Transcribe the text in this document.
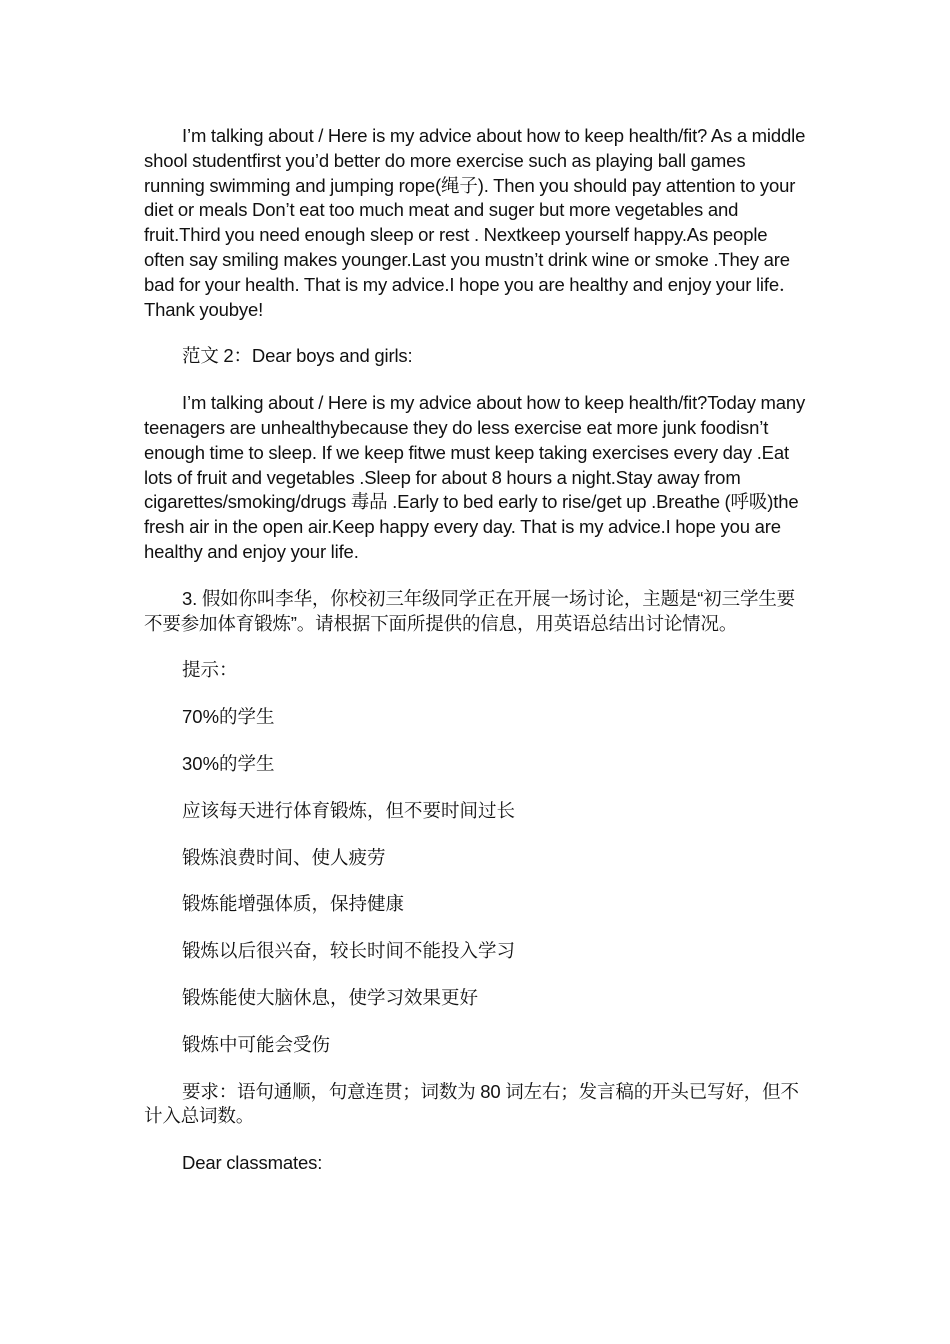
I’m talking about / Here is my advice about how to keep health/fit? As a middle shool studentfirst you’d better do more exercise such as playing ball games running swimming and jumping rope(绳子). Then you should pay attention to your diet or meals Don’t eat too much meat and suger but more vegetables and fruit.Third you need enough sleep or rest . Nextkeep yourself happy.As people often say smiling makes younger.Last you mustn’t drink wine or smoke .They are bad for your health. That is my advice.I hope you are healthy and enjoy your life．Thank youbye!

范文 2：Dear boys and girls:

I’m talking about / Here is my advice about how to keep health/fit?Today many teenagers are unhealthybecause they do less exercise eat more junk foodisn’t enough time to sleep. If we keep fitwe must keep taking exercises every day .Eat lots of fruit and vegetables .Sleep for about 8 hours a night.Stay away from cigarettes/smoking/drugs 毒品 .Early to bed early to rise/get up .Breathe (呼吸)the fresh air in the open air.Keep happy every day. That is my advice.I hope you are healthy and enjoy your life.

3. 假如你叫李华，你校初三年级同学正在开展一场讨论，主题是“初三学生要不要参加体育锻炼”。请根据下面所提供的信息，用英语总结出讨论情况。

提示：

70%的学生

30%的学生

应该每天进行体育锻炼，但不要时间过长

锻炼浪费时间、使人疲劳

锻炼能增强体质，保持健康

锻炼以后很兴奋，较长时间不能投入学习

锻炼能使大脑休息，使学习效果更好

锻炼中可能会受伤

要求：语句通顺，句意连贯；词数为 80 词左右；发言稿的开头已写好，但不计入总词数。

Dear classmates:
